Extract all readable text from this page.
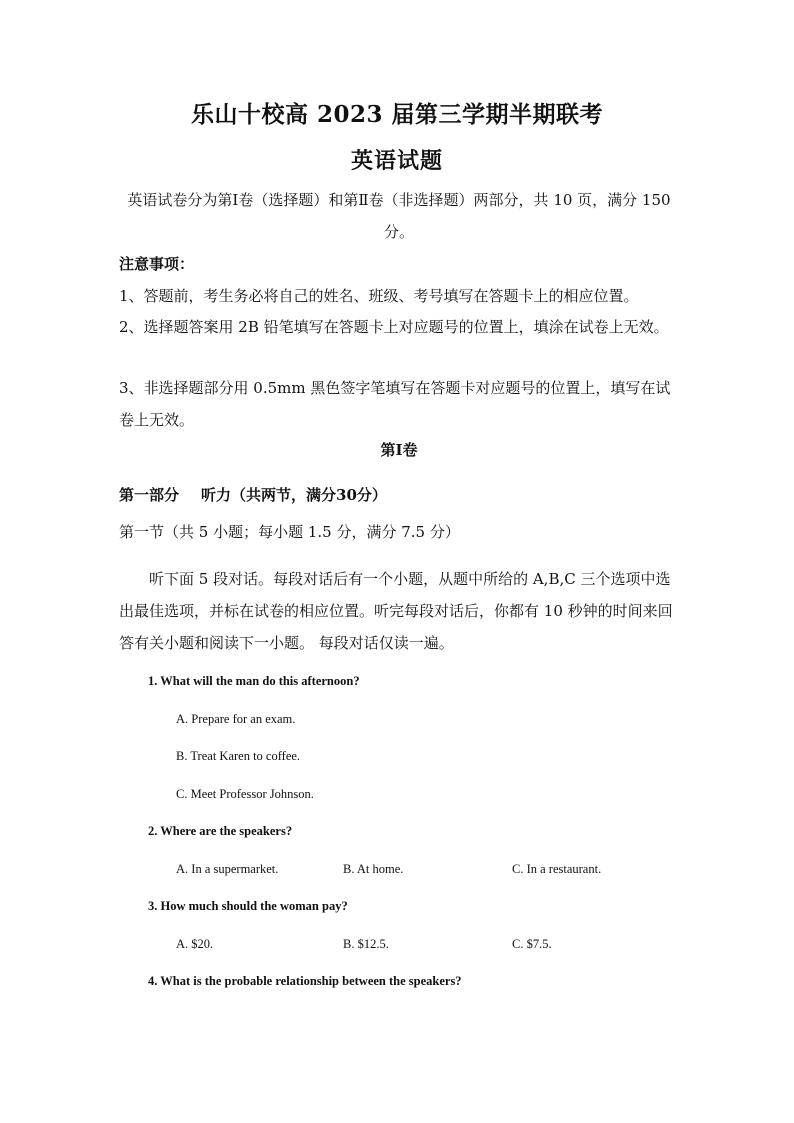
乐山十校高 2023 届第三学期半期联考
英语试题
英语试卷分为第Ⅰ卷（选择题）和第Ⅱ卷（非选择题）两部分，共 10 页，满分 150 分。
注意事项：
1、答题前，考生务必将自己的姓名、班级、考号填写在答题卡上的相应位置。
2、选择题答案用 2B 铅笔填写在答题卡上对应题号的位置上，填涂在试卷上无效。
3、非选择题部分用 0.5mm 黑色签字笔填写在答题卡对应题号的位置上，填写在试卷上无效。
第Ⅰ卷
第一部分 听力（共两节，满分30分）
第一节（共 5 小题；每小题 1.5 分，满分 7.5 分）
听下面 5 段对话。每段对话后有一个小题，从题中所给的 A,B,C 三个选项中选出最佳选项，并标在试卷的相应位置。听完每段对话后，你都有 10 秒钟的时间来回答有关小题和阅读下一小题。 每段对话仅读一遍。
1. What will the man do this afternoon?
A. Prepare for an exam.
B. Treat Karen to coffee.
C. Meet Professor Johnson.
2. Where are the speakers?
A. In a supermarket.	B. At home.	C. In a restaurant.
3. How much should the woman pay?
A. $20.	B. $12.5.	C. $7.5.
4. What is the probable relationship between the speakers?
